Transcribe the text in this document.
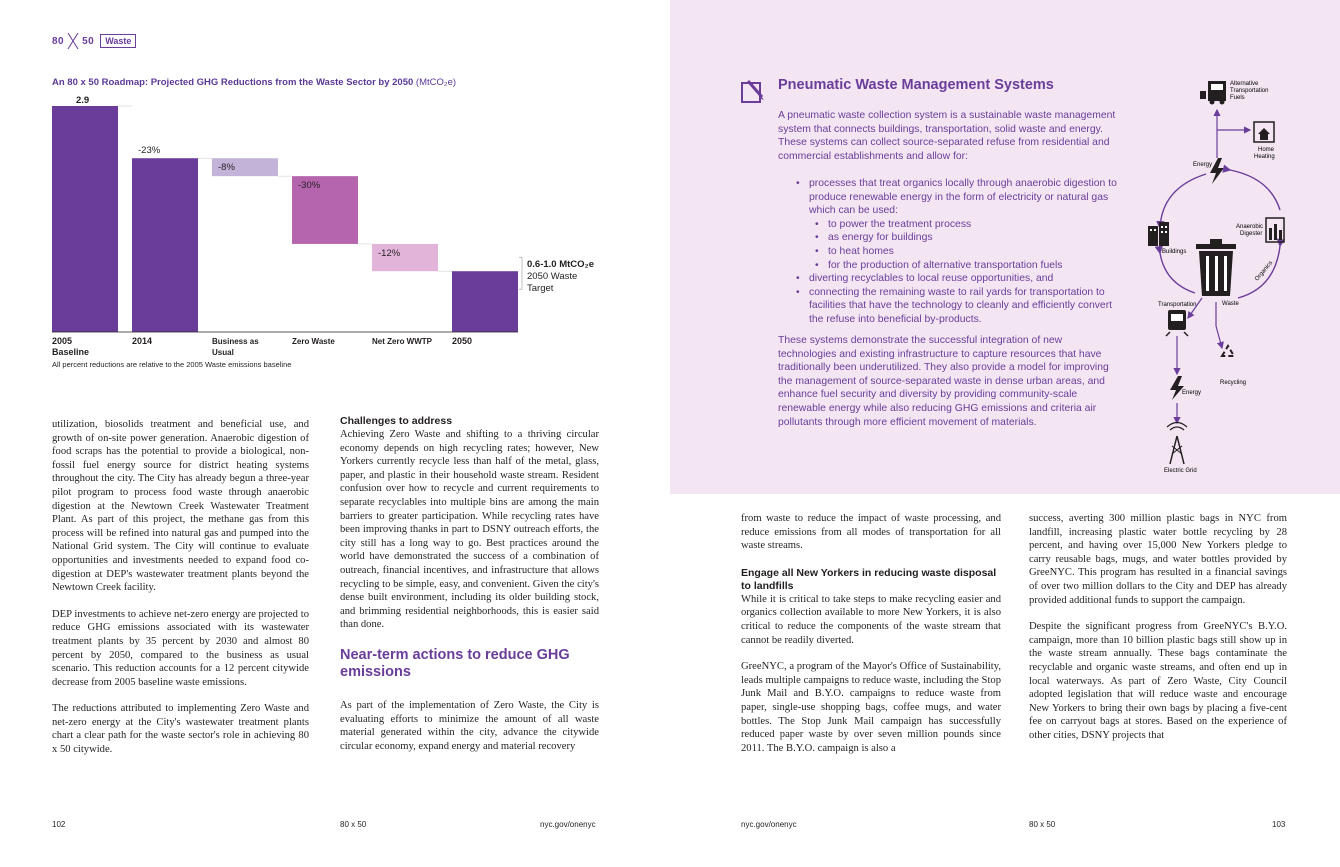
80 50	Waste
An 80 x 50 Roadmap: Projected GHG Reductions from the Waste Sector by 2050 (MtCO₂e)
2.9
2005
Baseline
-23%
2014
-8%
Business as
Usual
-30%
Zero Waste
-12%
Net Zero WWTP 2050
0.6-1.0 MtCO₂e
2050 Waste
Target
All percent reductions are relative to the 2005 Waste emissions baseline

utilization, biosolids treatment and beneficial use, and growth of on-site power generation. Anaerobic digestion of food scraps has the potential to provide a biological, non-fossil fuel energy source for district heating systems throughout the city. The City has already begun a three-year pilot program to process food waste through anaerobic digestion at the Newtown Creek Wastewater Treatment Plant. As part of this project, the methane gas from this process will be refined into natural gas and pumped into the National Grid system. The City will continue to evaluate opportunities and investments needed to expand food co-digestion at DEP's wastewater treatment plants beyond the Newtown Creek facility.

DEP investments to achieve net-zero energy are projected to reduce GHG emissions associated with its wastewater treatment plants by 35 percent by 2030 and almost 80 percent by 2050, compared to the business as usual scenario. This reduction accounts for a 12 percent citywide decrease from 2005 baseline waste emissions.

The reductions attributed to implementing Zero Waste and net-zero energy at the City's wastewater treatment plants chart a clear path for the waste sector's role in achieving 80 x 50 citywide.

Challenges to address

Achieving Zero Waste and shifting to a thriving circular economy depends on high recycling rates; however, New Yorkers currently recycle less than half of the metal, glass, paper, and plastic in their household waste stream. Resident confusion over how to recycle and current requirements to separate recyclables into multiple bins are among the main barriers to greater participation. While recycling rates have been improving thanks in part to DSNY outreach efforts, the city still has a long way to go. Best practices around the world have demonstrated the success of a combination of outreach, financial incentives, and infrastructure that allows recycling to be simple, easy, and convenient. Given the city's dense built environment, including its older building stock, and brimming residential neighborhoods, this is easier said than done.

Near-term actions to reduce GHG emissions

As part of the implementation of Zero Waste, the City is evaluating efforts to minimize the amount of all waste material generated within the city, advance the citywide circular economy, expand energy and material recovery

Pneumatic Waste Management Systems
A pneumatic waste collection system is a sustainable waste management system that connects buildings, transportation, solid waste and energy. These systems can collect source-separated refuse from residential and commercial establishments and allow for:
• processes that treat organics locally through anaerobic digestion to produce renewable energy in the form of electricity or natural gas which can be used:
• to power the treatment process
• as energy for buildings
• to heat homes
• for the production of alternative transportation fuels
• diverting recyclables to local reuse opportunities, and
• connecting the remaining waste to rail yards for transportation to facilities that have the technology to cleanly and efficiently convert the refuse into beneficial by-products.
These systems demonstrate the successful integration of new technologies and existing infrastructure to capture resources that have traditionally been underutilized. They also provide a model for improving the management of source-separated waste in dense urban areas, and enhance fuel security and diversity by providing community-scale renewable energy while also reducing GHG emissions and criteria air pollutants through more efficient movement of materials.
Alternative
Transportation
Fuels
Home
Heating
Energy
Buildings
Anaerobic
Digester
Organics
Waste
Transportation
Recycling
Energy
Electric Grid

from waste to reduce the impact of waste processing, and reduce emissions from all modes of transportation for all waste streams.

Engage all New Yorkers in reducing waste disposal to landfills

While it is critical to take steps to make recycling easier and organics collection available to more New Yorkers, it is also critical to reduce the components of the waste stream that cannot be readily diverted.

GreeNYC, a program of the Mayor's Office of Sustainability, leads multiple campaigns to reduce waste, including the Stop Junk Mail and B.Y.O. campaigns to reduce waste from paper, single-use shopping bags, coffee mugs, and water bottles. The Stop Junk Mail campaign has successfully reduced paper waste by over seven million pounds since 2011. The B.Y.O. campaign is also a

success, averting 300 million plastic bags in NYC from landfill, increasing plastic water bottle recycling by 28 percent, and having over 15,000 New Yorkers pledge to carry reusable bags, mugs, and water bottles provided by GreeNYC. This program has resulted in a financial savings of over two million dollars to the City and DEP has already provided additional funds to support the campaign.

Despite the significant progress from GreeNYC's B.Y.O. campaign, more than 10 billion plastic bags still show up in the waste stream annually. These bags contaminate the recyclable and organic waste streams, and often end up in local waterways. As part of Zero Waste, City Council adopted legislation that will reduce waste and encourage New Yorkers to bring their own bags by placing a five-cent fee on carryout bags at stores. Based on the experience of other cities, DSNY projects that

102	80 x 50	nyc.gov/onenyc	nyc.gov/onenyc	80 x 50	103
